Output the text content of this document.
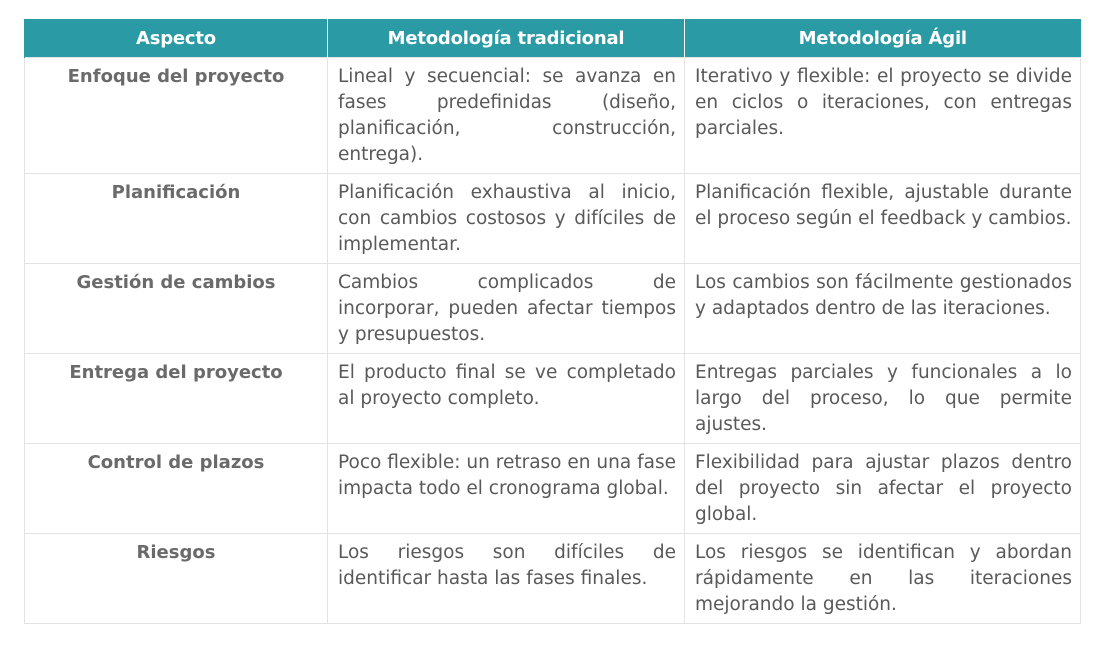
Aspecto	Metodología tradicional	Metodología Ágil
Enfoque del proyecto	Lineal y secuencial: se avanza en fases predefinidas (diseño, planificación, construcción, entrega).	Iterativo y flexible: el proyecto se divide en ciclos o iteraciones, con entregas parciales.
Planificación	Planificación exhaustiva al inicio, con cambios costosos y difíciles de implementar.	Planificación flexible, ajustable durante el proceso según el feedback y cambios.
Gestión de cambios	Cambios complicados de incorporar, pueden afectar tiempos y presupuestos.	Los cambios son fácilmente gestionados y adaptados dentro de las iteraciones.
Entrega del proyecto	El producto final se ve completado al proyecto completo.	Entregas parciales y funcionales a lo largo del proceso, lo que permite ajustes.
Control de plazos	Poco flexible: un retraso en una fase impacta todo el cronograma global.	Flexibilidad para ajustar plazos dentro del proyecto sin afectar el proyecto global.
Riesgos	Los riesgos son difíciles de identificar hasta las fases finales.	Los riesgos se identifican y abordan rápidamente en las iteraciones mejorando la gestión.
